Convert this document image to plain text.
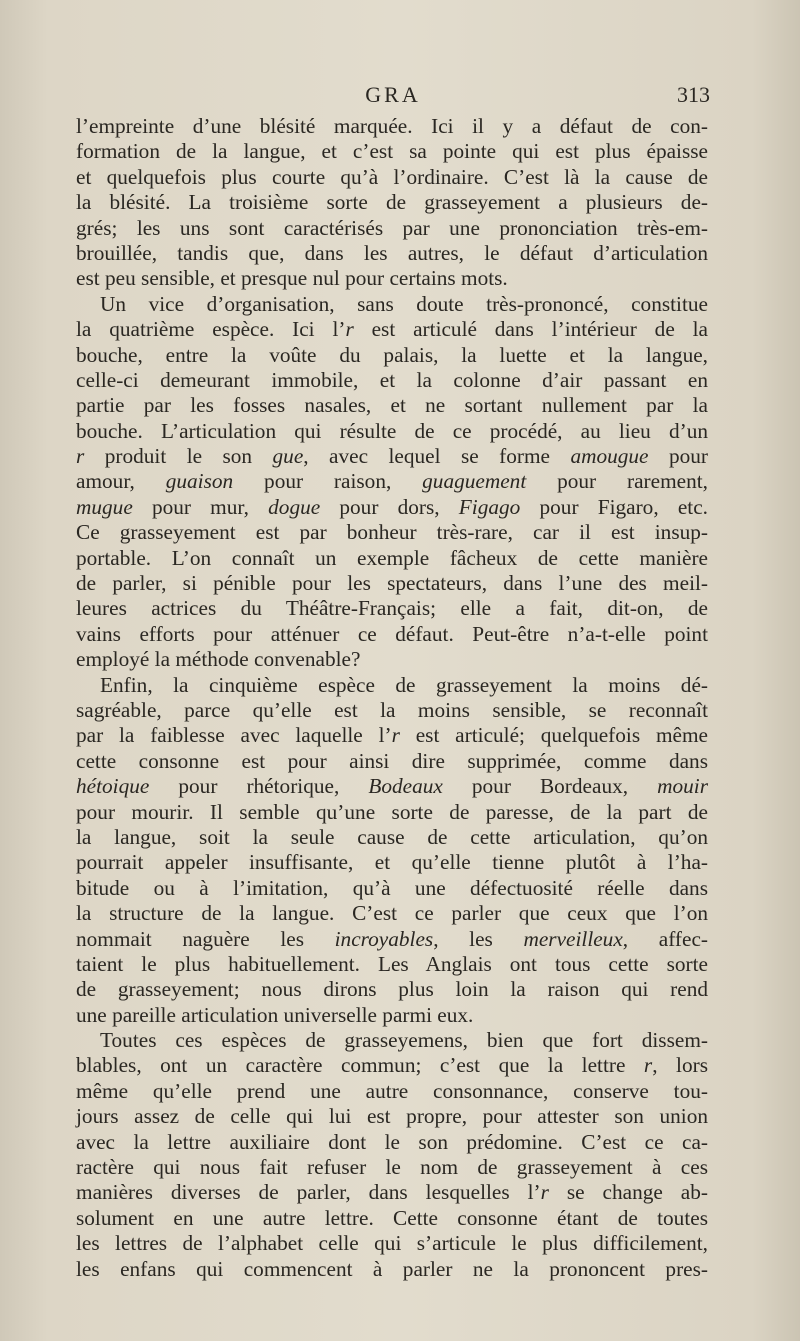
GRA	313
l’empreinte d’une blésité marquée. Ici il y a défaut de con-
formation de la langue, et c’est sa pointe qui est plus épaisse
et quelquefois plus courte qu’à l’ordinaire. C’est là la cause de
la blésité. La troisième sorte de grasseyement a plusieurs de-
grés; les uns sont caractérisés par une prononciation très-em-
brouillée, tandis que, dans les autres, le défaut d’articulation
est peu sensible, et presque nul pour certains mots.
Un vice d’organisation, sans doute très-prononcé, constitue
la quatrième espèce. Ici l’r est articulé dans l’intérieur de la
bouche, entre la voûte du palais, la luette et la langue,
celle-ci demeurant immobile, et la colonne d’air passant en
partie par les fosses nasales, et ne sortant nullement par la
bouche. L’articulation qui résulte de ce procédé, au lieu d’un
r produit le son gue, avec lequel se forme amougue pour
amour, guaison pour raison, guaguement pour rarement,
mugue pour mur, dogue pour dors, Figago pour Figaro, etc.
Ce grasseyement est par bonheur très-rare, car il est insup-
portable. L’on connaît un exemple fâcheux de cette manière
de parler, si pénible pour les spectateurs, dans l’une des meil-
leures actrices du Théâtre-Français; elle a fait, dit-on, de
vains efforts pour atténuer ce défaut. Peut-être n’a-t-elle point
employé la méthode convenable?
Enfin, la cinquième espèce de grasseyement la moins dé-
sagréable, parce qu’elle est la moins sensible, se reconnaît
par la faiblesse avec laquelle l’r est articulé; quelquefois même
cette consonne est pour ainsi dire supprimée, comme dans
hétoique pour rhétorique, Bodeaux pour Bordeaux, mouir
pour mourir. Il semble qu’une sorte de paresse, de la part de
la langue, soit la seule cause de cette articulation, qu’on
pourrait appeler insuffisante, et qu’elle tienne plutôt à l’ha-
bitude ou à l’imitation, qu’à une défectuosité réelle dans
la structure de la langue. C’est ce parler que ceux que l’on
nommait naguère les incroyables, les merveilleux, affec-
taient le plus habituellement. Les Anglais ont tous cette sorte
de grasseyement; nous dirons plus loin la raison qui rend
une pareille articulation universelle parmi eux.
Toutes ces espèces de grasseyemens, bien que fort dissem-
blables, ont un caractère commun; c’est que la lettre r, lors
même qu’elle prend une autre consonnance, conserve tou-
jours assez de celle qui lui est propre, pour attester son union
avec la lettre auxiliaire dont le son prédomine. C’est ce ca-
ractère qui nous fait refuser le nom de grasseyement à ces
manières diverses de parler, dans lesquelles l’r se change ab-
solument en une autre lettre. Cette consonne étant de toutes
les lettres de l’alphabet celle qui s’articule le plus difficilement,
les enfans qui commencent à parler ne la prononcent pres-
